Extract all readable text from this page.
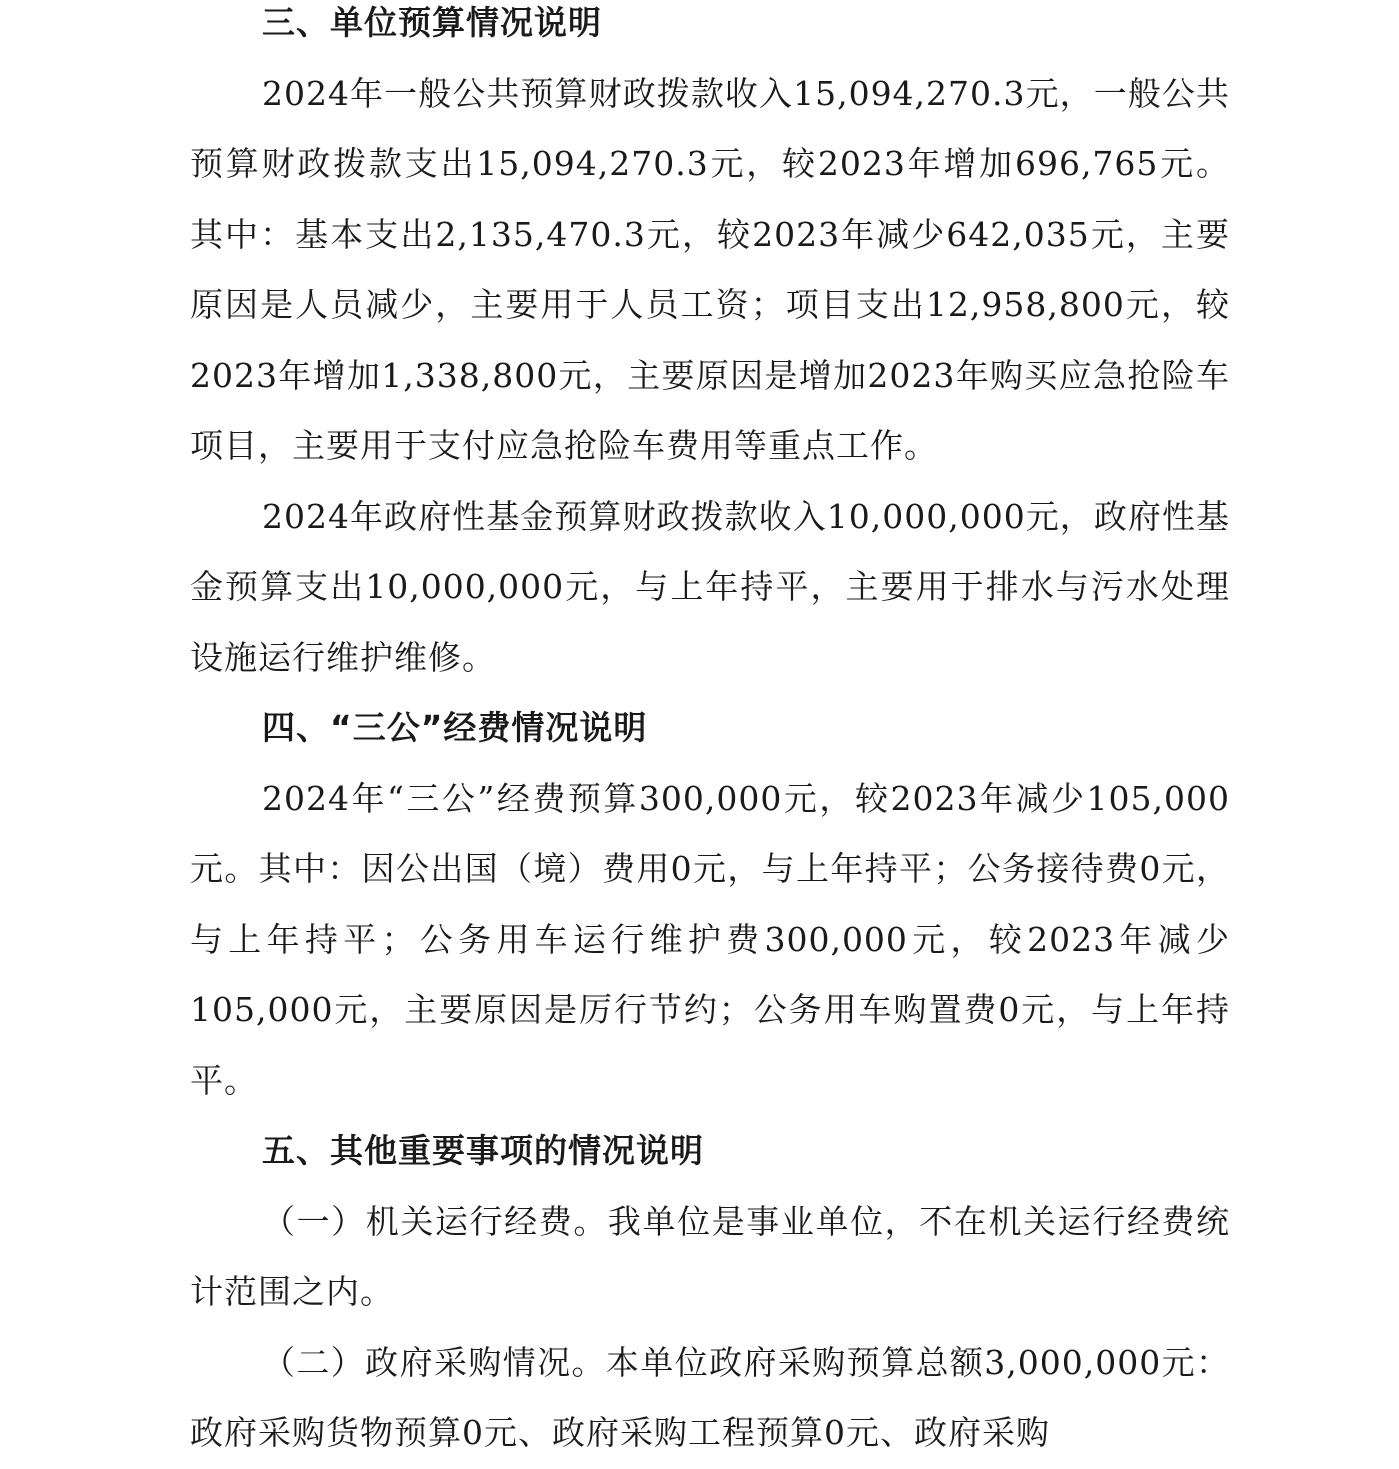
三、单位预算情况说明

2024年一般公共预算财政拨款收入15,094,270.3元，一般公共预算财政拨款支出15,094,270.3元，较2023年增加696,765元。其中：基本支出2,135,470.3元，较2023年减少642,035元，主要原因是人员减少，主要用于人员工资；项目支出12,958,800元，较2023年增加1,338,800元，主要原因是增加2023年购买应急抢险车项目，主要用于支付应急抢险车费用等重点工作。

2024年政府性基金预算财政拨款收入10,000,000元，政府性基金预算支出10,000,000元，与上年持平，主要用于排水与污水处理设施运行维护维修。

四、“三公”经费情况说明

2024年“三公”经费预算300,000元，较2023年减少105,000元。其中：因公出国（境）费用0元，与上年持平；公务接待费0元，与上年持平；公务用车运行维护费300,000元，较2023年减少105,000元，主要原因是厉行节约；公务用车购置费0元，与上年持平。

五、其他重要事项的情况说明

（一）机关运行经费。我单位是事业单位，不在机关运行经费统计范围之内。

（二）政府采购情况。本单位政府采购预算总额3,000,000元：政府采购货物预算0元、政府采购工程预算0元、政府采购
